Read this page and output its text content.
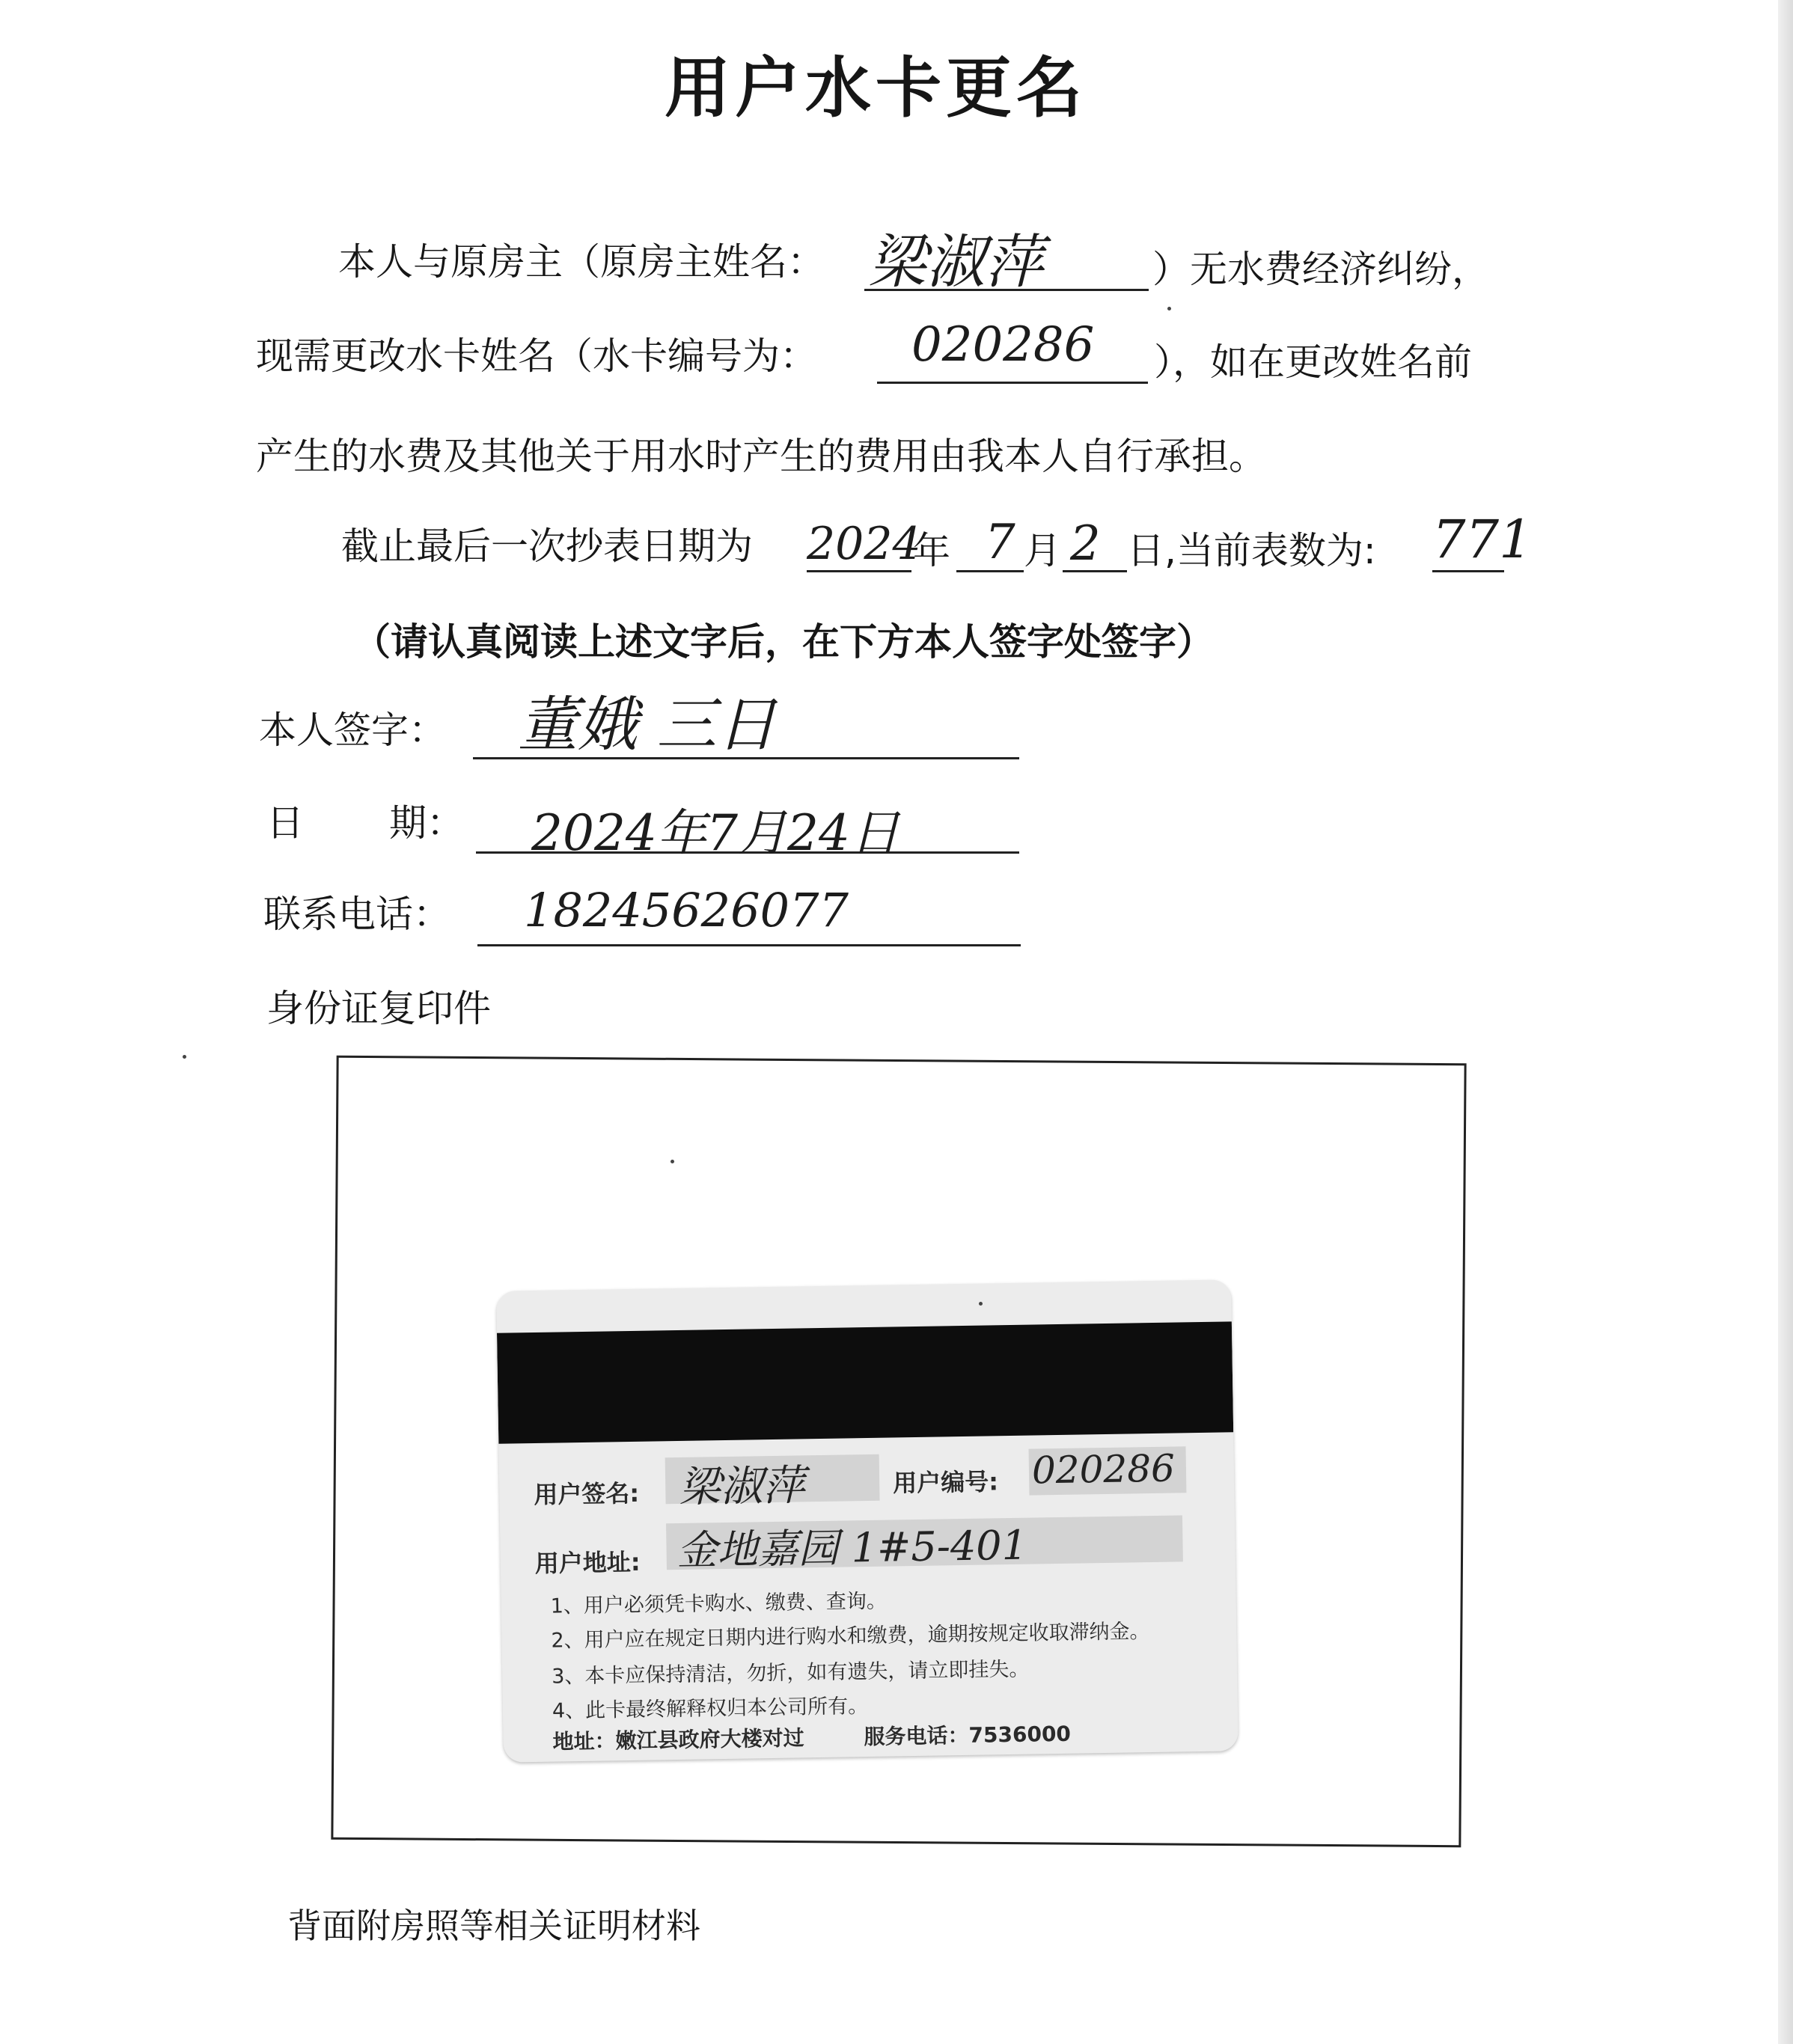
用户水卡更名
本人与原房主（原房主姓名： 梁淑萍	）无水费经济纠纷，
现需更改水卡姓名（水卡编号为： 020286 ），如在更改姓名前
产生的水费及其他关于用水时产生的费用由我本人自行承担。
截止最后一次抄表日期为 2024
年 7 月 2 日,当前表数为: 771
（请认真阅读上述文字后，在下方本人签字处签字）
本人签字： 董娥 三日
日 期： 2024年7月24日
联系电话： 18245626077
身份证复印件
用户签名: 梁淑萍	用户编号: 020286
用户地址: 金地嘉园 1#5-401
1、用户必须凭卡购水、缴费、查询。
2、用户应在规定日期内进行购水和缴费，逾期按规定收取滞纳金。
3、本卡应保持清洁，勿折，如有遗失，请立即挂失。
4、此卡最终解释权归本公司所有。
地址：嫩江县政府大楼对过	服务电话：7536000
背面附房照等相关证明材料
